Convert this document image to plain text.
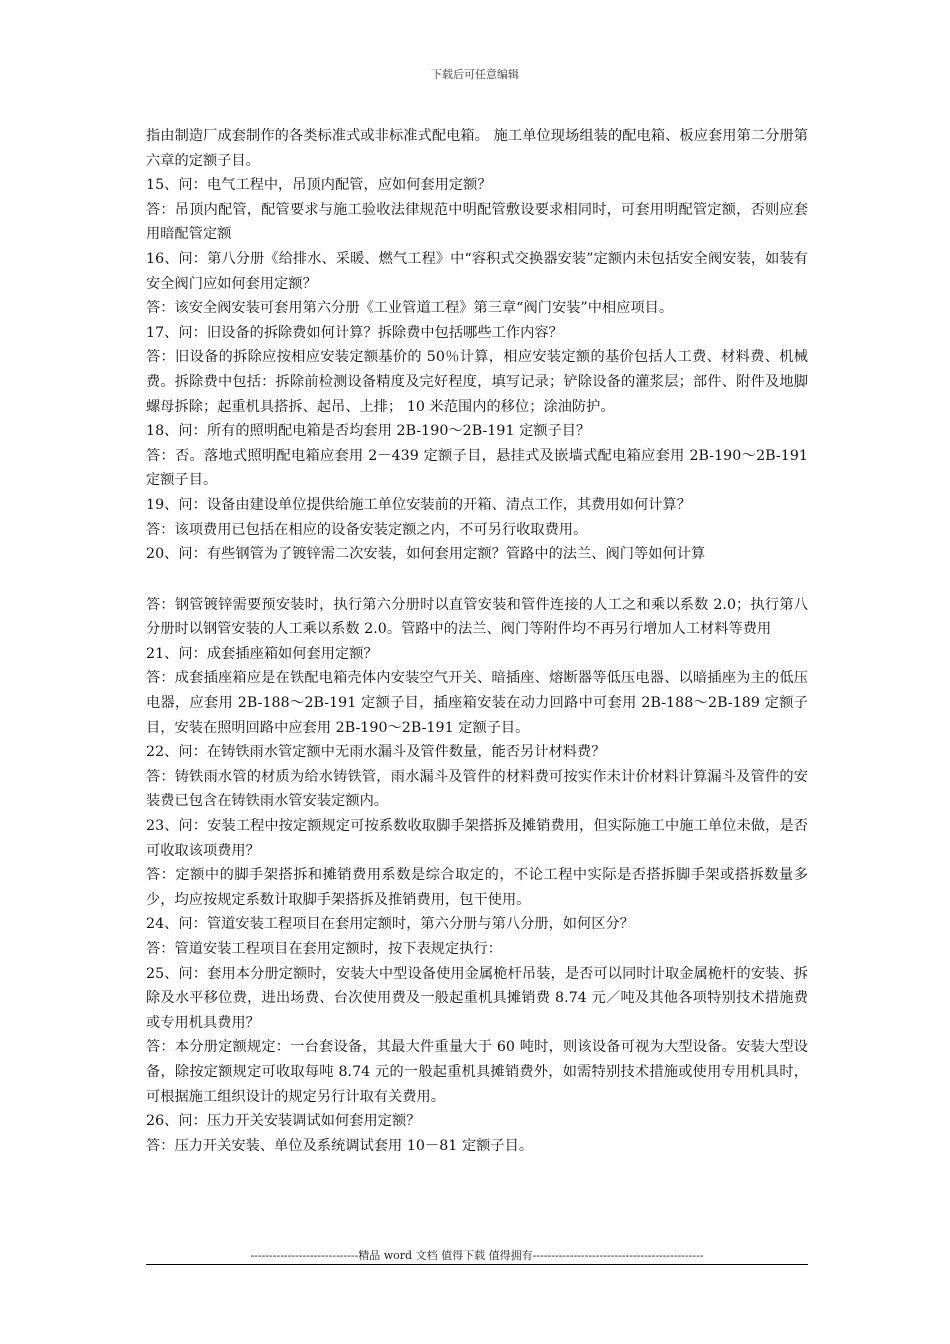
下载后可任意编辑

指由制造厂成套制作的各类标准式或非标准式配电箱。 施工单位现场组装的配电箱、板应套用第二分册第六章的定额子目。

15、问：电气工程中，吊顶内配管，应如何套用定额？

答：吊顶内配管，配管要求与施工验收法律规范中明配管敷设要求相同时，可套用明配管定额，否则应套用暗配管定额

16、问：第八分册《给排水、采暖、燃气工程》中“容积式交换器安装”定额内未包括安全阀安装，如装有安全阀门应如何套用定额？

答：该安全阀安装可套用第六分册《工业管道工程》第三章“阀门安装”中相应项目。

17、问：旧设备的拆除费如何计算？拆除费中包括哪些工作内容？

答：旧设备的拆除应按相应安装定额基价的 50％计算，相应安装定额的基价包括人工费、材料费、机械费。拆除费中包括：拆除前检测设备精度及完好程度，填写记录；铲除设备的灌浆层；部件、附件及地脚螺母拆除；起重机具搭拆、起吊、上排； 10 米范围内的移位；涂油防护。

18、问：所有的照明配电箱是否均套用 2B-190～2B-191 定额子目？

答：否。落地式照明配电箱应套用 2－439 定额子目，悬挂式及嵌墙式配电箱应套用 2B-190～2B-191 定额子目。

19、问：设备由建设单位提供给施工单位安装前的开箱、清点工作，其费用如何计算？

答：该项费用已包括在相应的设备安装定额之内，不可另行收取费用。

20、问：有些钢管为了镀锌需二次安装，如何套用定额？管路中的法兰、阀门等如何计算

答：钢管镀锌需要预安装时，执行第六分册时以直管安装和管件连接的人工之和乘以系数 2.0；执行第八分册时以钢管安装的人工乘以系数 2.0。管路中的法兰、阀门等附件均不再另行增加人工材料等费用

21、问：成套插座箱如何套用定额？

答：成套插座箱应是在铁配电箱壳体内安装空气开关、暗插座、熔断器等低压电器、以暗插座为主的低压电器，应套用 2B-188～2B-191 定额子目，插座箱安装在动力回路中可套用 2B-188～2B-189 定额子目，安装在照明回路中应套用 2B-190～2B-191 定额子目。

22、问：在铸铁雨水管定额中无雨水漏斗及管件数量，能否另计材料费？

答：铸铁雨水管的材质为给水铸铁管，雨水漏斗及管件的材料费可按实作未计价材料计算漏斗及管件的安装费已包含在铸铁雨水管安装定额内。

23、问：安装工程中按定额规定可按系数收取脚手架搭拆及摊销费用，但实际施工中施工单位未做，是否可收取该项费用？

答：定额中的脚手架搭拆和摊销费用系数是综合取定的，不论工程中实际是否搭拆脚手架或搭拆数量多少，均应按规定系数计取脚手架搭拆及推销费用，包干使用。

24、问：管道安装工程项目在套用定额时，第六分册与第八分册，如何区分？

答：管道安装工程项目在套用定额时，按下表规定执行：

25、问：套用本分册定额时，安装大中型设备使用金属桅杆吊装，是否可以同时计取金属桅杆的安装、拆除及水平移位费，进出场费、台次使用费及一般起重机具摊销费 8.74 元／吨及其他各项特别技术措施费或专用机具费用？

答：本分册定额规定：一台套设备，其最大件重量大于 60 吨时，则该设备可视为大型设备。安装大型设备，除按定额规定可收取每吨 8.74 元的一般起重机具摊销费外，如需特别技术措施或使用专用机具时，可根据施工组织设计的规定另行计取有关费用。

26、问：压力开关安装调试如何套用定额？

答：压力开关安装、单位及系统调试套用 10－81 定额子目。

-----------------------------精品 word 文档 值得下载 值得拥有----------------------------------------------
